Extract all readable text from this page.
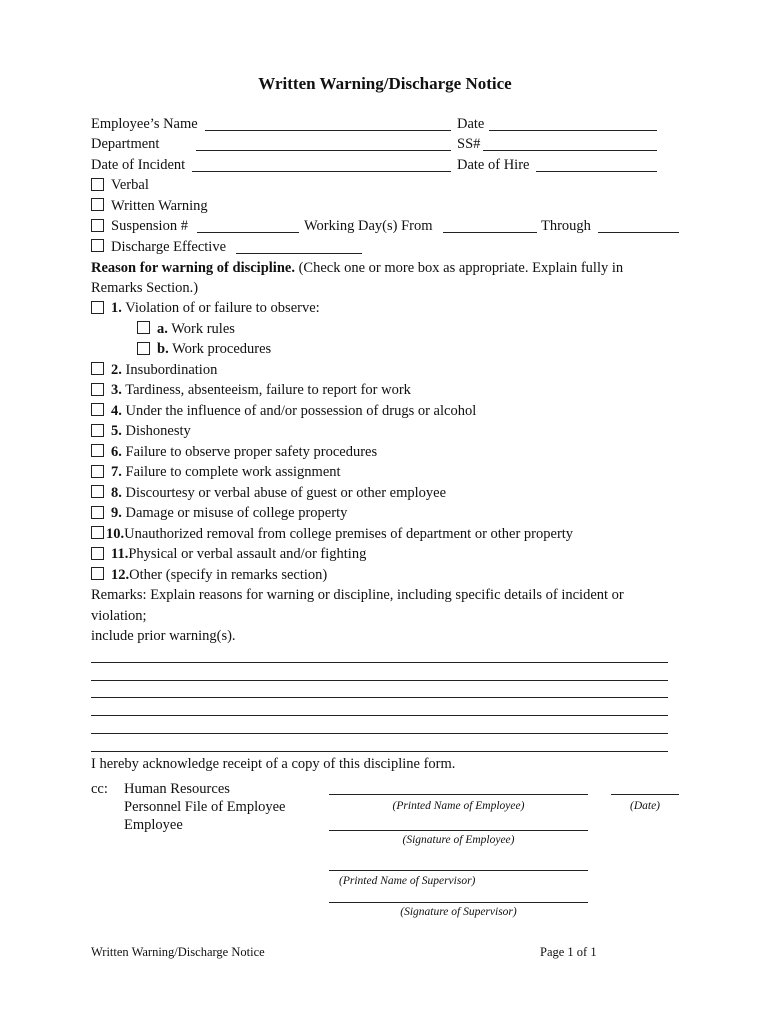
Written Warning/Discharge Notice
Employee’s Name	Date
Department	SS#
Date of Incident	Date of Hire
Verbal
Written Warning
Suspension #	Working Day(s) From	Through
Discharge Effective
Reason for warning of discipline. (Check one or more box as appropriate. Explain fully in
Remarks Section.)
1. Violation of or failure to observe:
a. Work rules
b. Work procedures
2. Insubordination
3. Tardiness, absenteeism, failure to report for work
4. Under the influence of and/or possession of drugs or alcohol
5. Dishonesty
6. Failure to observe proper safety procedures
7. Failure to complete work assignment
8. Discourtesy or verbal abuse of guest or other employee
9. Damage or misuse of college property
10.Unauthorized removal from college premises of department or other property
11.Physical or verbal assault and/or fighting
12.Other (specify in remarks section)
Remarks: Explain reasons for warning or discipline, including specific details of incident or
violation;
include prior warning(s).
I hereby acknowledge receipt of a copy of this discipline form.
cc: Human Resources
Personnel File of Employee
Employee
(Printed Name of Employee)	(Date)
(Signature of Employee)
(Printed Name of Supervisor)
(Signature of Supervisor)
Written Warning/Discharge Notice	Page 1 of 1
